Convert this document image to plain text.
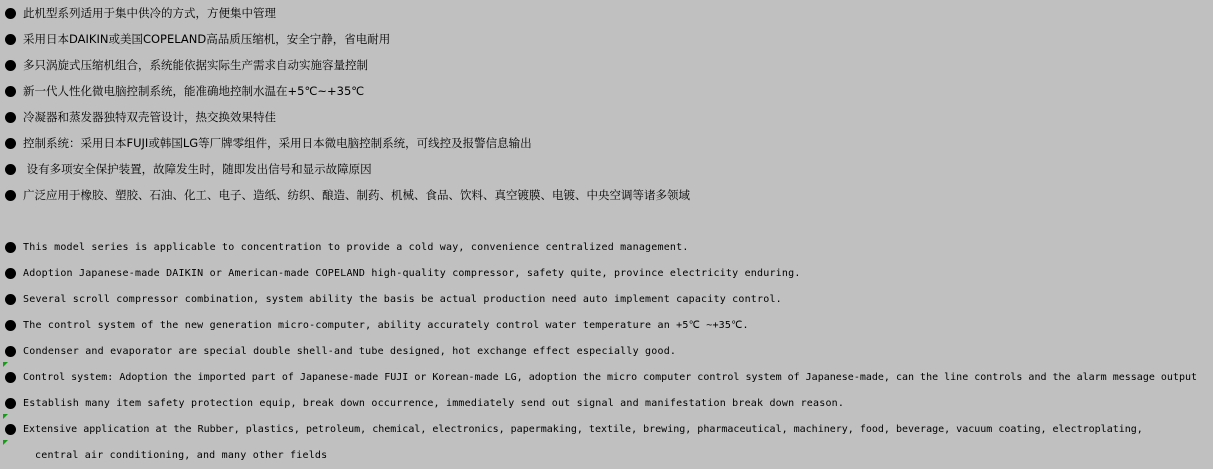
此机型系列适用于集中供冷的方式，方便集中管理
采用日本DAIKIN或美国COPELAND高品质压缩机，安全宁静，省电耐用
多只涡旋式压缩机组合，系统能依据实际生产需求自动实施容量控制
新一代人性化微电脑控制系统，能准确地控制水温在+5℃~+35℃
冷凝器和蒸发器独特双壳管设计，热交换效果特佳
控制系统：采用日本FUJI或韩国LG等厂牌零组件，采用日本微电脑控制系统，可线控及报警信息输出
设有多项安全保护装置，故障发生时，随即发出信号和显示故障原因
广泛应用于橡胶、塑胶、石油、化工、电子、造纸、纺织、酿造、制药、机械、食品、饮料、真空镀膜、电镀、中央空调等诸多领域
This model series is applicable to concentration to provide a cold way, convenience centralized management.
Adoption Japanese-made DAIKIN or American-made COPELAND high-quality compressor, safety quite, province electricity enduring.
Several scroll compressor combination, system ability the basis be actual production need auto implement capacity control.
The control system of the new generation micro-computer, ability accurately control water temperature an +5℃ ~+35℃.
Condenser and evaporator are special double shell-and tube designed, hot exchange effect especially good.
Control system: Adoption the imported part of Japanese-made FUJI or Korean-made LG, adoption the micro computer control system of Japanese-made, can the line controls and the alarm message output
Establish many item safety protection equip, break down occurrence, immediately send out signal and manifestation break down reason.
Extensive application at the Rubber, plastics, petroleum, chemical, electronics, papermaking, textile, brewing, pharmaceutical, machinery, food, beverage, vacuum coating, electroplating,
central air conditioning, and many other fields
